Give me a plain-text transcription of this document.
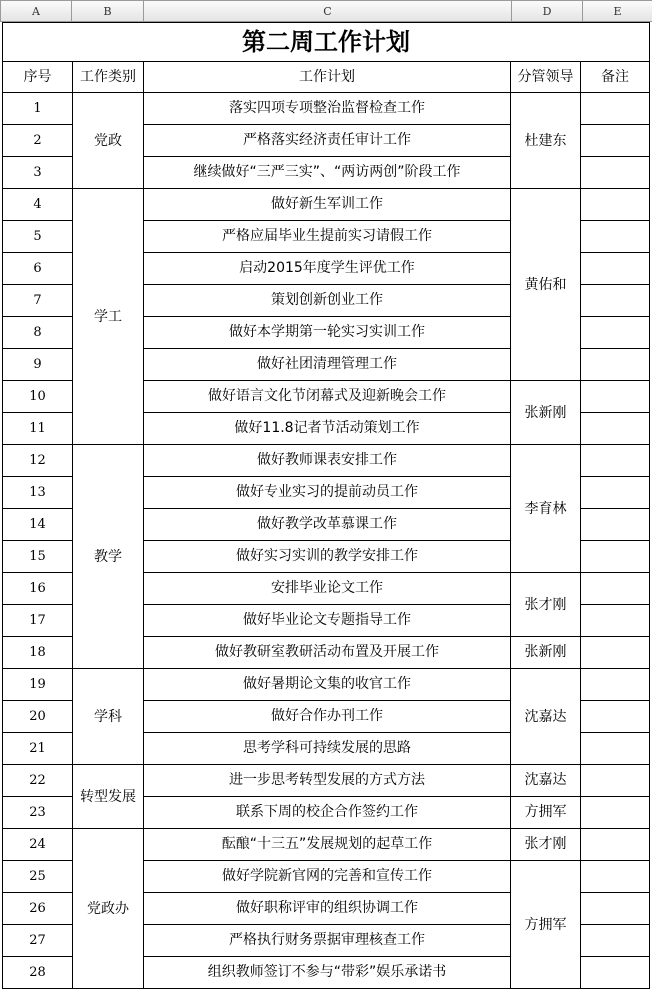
A	B	C	D	E
第二周工作计划				
序号	工作类别	工作计划	分管领导	备注
1	党政	落实四项专项整治监督检查工作	杜建东	
2		严格落实经济责任审计工作		
3		继续做好“三严三实”、“两访两创”阶段工作		
4	学工	做好新生军训工作	黄佑和	
5		严格应届毕业生提前实习请假工作		
6		启动2015年度学生评优工作		
7		策划创新创业工作		
8		做好本学期第一轮实习实训工作		
9		做好社团清理管理工作		
10		做好语言文化节闭幕式及迎新晚会工作	张新刚	
11		做好11.8记者节活动策划工作		
12	教学	做好教师课表安排工作	李育林	
13		做好专业实习的提前动员工作		
14		做好教学改革慕课工作		
15		做好实习实训的教学安排工作		
16		安排毕业论文工作	张才刚	
17		做好毕业论文专题指导工作		
18		做好教研室教研活动布置及开展工作	张新刚	
19	学科	做好暑期论文集的收官工作	沈嘉达	
20		做好合作办刊工作		
21		思考学科可持续发展的思路		
22	转型发展	进一步思考转型发展的方式方法	沈嘉达	
23		联系下周的校企合作签约工作	方拥军	
24	党政办	酝酿“十三五”发展规划的起草工作	张才刚	
25		做好学院新官网的完善和宣传工作	方拥军	
26		做好职称评审的组织协调工作		
27		严格执行财务票据审理核查工作		
28		组织教师签订不参与“带彩”娱乐承诺书		
